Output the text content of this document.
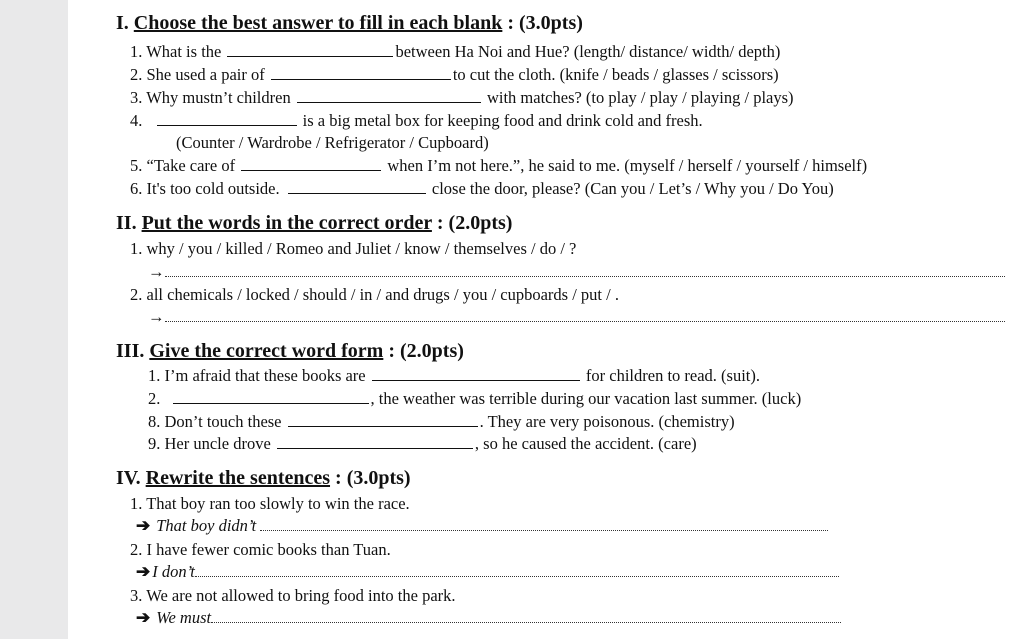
I. Choose the best answer to fill in each blank : (3.0pts)
1. What is the	between Ha Noi and Hue? (length/ distance/ width/ depth)
2. She used a pair of	to cut the cloth. (knife / beads / glasses / scissors)
3. Why mustn’t children	with matches? (to play / play / playing / plays)
4.	is a big metal box for keeping food and drink cold and fresh.
(Counter / Wardrobe / Refrigerator / Cupboard)
5. “Take care of	when I’m not here.”, he said to me. (myself / herself / yourself / himself)
6. It's too cold outside.	close the door, please? (Can you / Let’s / Why you / Do You)
II. Put the words in the correct order : (2.0pts)
1. why / you / killed / Romeo and Juliet / know / themselves / do / ?
→
2. all chemicals / locked / should / in / and drugs / you / cupboards / put / .
→
III. Give the correct word form : (2.0pts)
1. I’m afraid that these books are	for children to read. (suit).
2.	, the weather was terrible during our vacation last summer. (luck)
8. Don’t touch these	. They are very poisonous. (chemistry)
9. Her uncle drove	, so he caused the accident. (care)
IV. Rewrite the sentences : (3.0pts)
1. That boy ran too slowly to win the race.
➔ That boy didn’t
2. I have fewer comic books than Tuan.
➔ I don’t
3. We are not allowed to bring food into the park.
➔ We must
